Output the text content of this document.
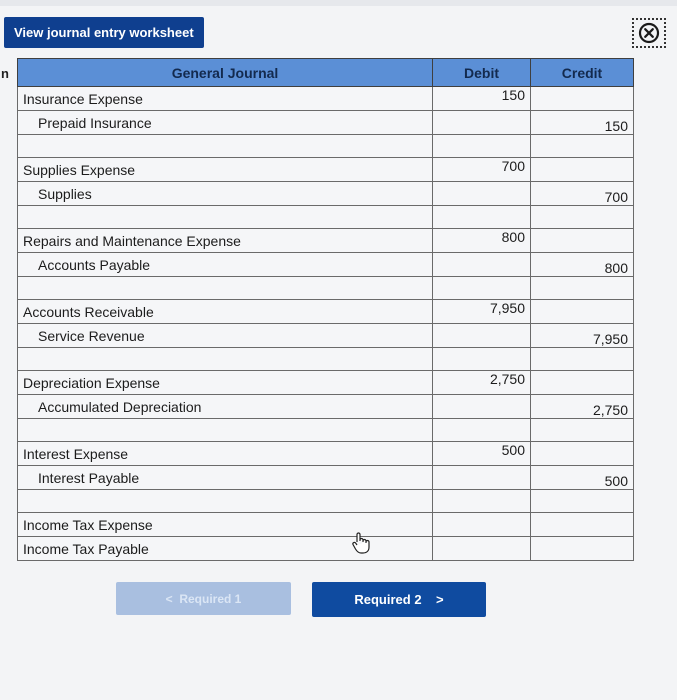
View journal entry worksheet
n	General Journal	Debit	Credit
Insurance Expense	150	
Prepaid Insurance		150

Supplies Expense	700	
Supplies		700

Repairs and Maintenance Expense	800	
Accounts Payable		800

Accounts Receivable	7,950	
Service Revenue		7,950

Depreciation Expense	2,750	
Accumulated Depreciation		2,750

Interest Expense	500	
Interest Payable		500

Income Tax Expense		
Income Tax Payable		
< Required 1	Required 2 >
